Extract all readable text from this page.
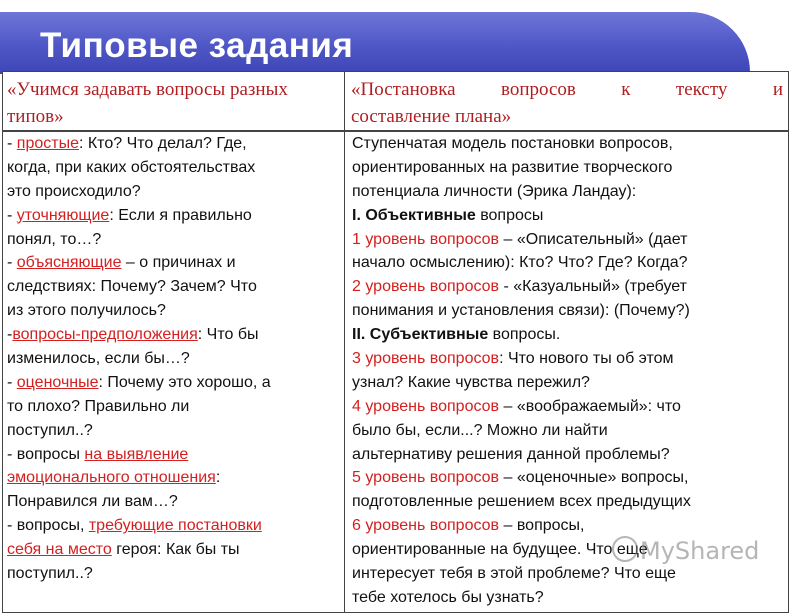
Типовые задания
«Учимся задавать вопросы разных
типов»
«Постановка вопросов к тексту и
составление плана»
- простые: Кто? Что делал? Где,
когда, при каких обстоятельствах
это происходило?
- уточняющие: Если я правильно
понял, то…?
- объясняющие – о причинах и
следствиях: Почему? Зачем? Что
из этого получилось?
-вопросы-предположения: Что бы
изменилось, если бы…?
- оценочные: Почему это хорошо, а
то плохо? Правильно ли
поступил..?
- вопросы на выявление
эмоционального отношения:
Понравился ли вам…?
- вопросы, требующие постановки
себя на место героя: Как бы ты
поступил..?
Ступенчатая модель постановки вопросов,
ориентированных на развитие творческого
потенциала личности (Эрика Ландау):
I. Объективные вопросы
1 уровень вопросов – «Описательный» (дает
начало осмыслению): Кто? Что? Где? Когда?
2 уровень вопросов - «Казуальный» (требует
понимания и установления связи): (Почему?)
II. Субъективные вопросы.
3 уровень вопросов: Что нового ты об этом
узнал? Какие чувства пережил?
4 уровень вопросов – «воображаемый»: что
было бы, если...? Можно ли найти
альтернативу решения данной проблемы?
5 уровень вопросов – «оценочные» вопросы,
подготовленные решением всех предыдущих
6 уровень вопросов – вопросы,
ориентированные на будущее. Что еще
интересует тебя в этой проблеме? Что еще
тебе хотелось бы узнать?
MyShared
